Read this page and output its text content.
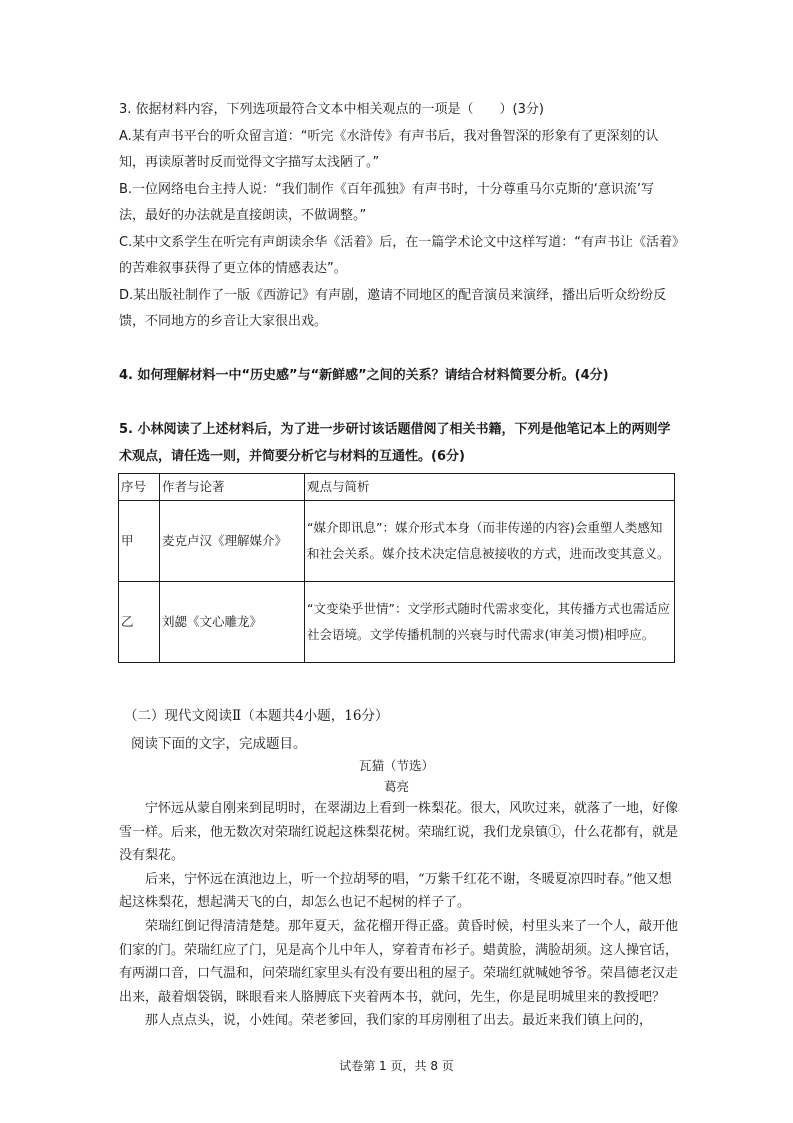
3. 依据材料内容，下列选项最符合文本中相关观点的一项是（　　）(3分)

A.某有声书平台的听众留言道：“听完《水浒传》有声书后，我对鲁智深的形象有了更深刻的认知，再读原著时反而觉得文字描写太浅陋了。”

B.一位网络电台主持人说：“我们制作《百年孤独》有声书时，十分尊重马尔克斯的‘意识流’写法，最好的办法就是直接朗读，不做调整。”

C.某中文系学生在听完有声朗读余华《活着》后，在一篇学术论文中这样写道：“有声书让《活着》的苦难叙事获得了更立体的情感表达”。

D.某出版社制作了一版《西游记》有声剧，邀请不同地区的配音演员来演绎，播出后听众纷纷反馈，不同地方的乡音让大家很出戏。

4. 如何理解材料一中“历史感”与“新鲜感”之间的关系？请结合材料简要分析。(4分)

5. 小林阅读了上述材料后，为了进一步研讨该话题借阅了相关书籍，下列是他笔记本上的两则学术观点，请任选一则，并简要分析它与材料的互通性。(6分)

序号	作者与论著	观点与简析
甲	麦克卢汉《理解媒介》	“媒介即讯息”：媒介形式本身（而非传递的内容)会重塑人类感知和社会关系。媒介技术决定信息被接收的方式，进而改变其意义。
乙	刘勰《文心雕龙》	“文变染乎世情”：文学形式随时代需求变化，其传播方式也需适应社会语境。文学传播机制的兴衰与时代需求(审美习惯)相呼应。
（二）现代文阅读Ⅱ（本题共4小题，16分）
阅读下面的文字，完成题目。
瓦猫（节选）
葛亮

宁怀远从蒙自刚来到昆明时，在翠湖边上看到一株梨花。很大，风吹过来，就落了一地，好像雪一样。后来，他无数次对荣瑞红说起这株梨花树。荣瑞红说，我们龙泉镇①，什么花都有，就是没有梨花。

后来，宁怀远在滇池边上，听一个拉胡琴的唱，“万紫千红花不谢，冬暖夏凉四时春。”他又想起这株梨花，想起满天飞的白，却怎么也记不起树的样子了。

荣瑞红倒记得清清楚楚。那年夏天，盆花榴开得正盛。黄昏时候，村里头来了一个人，敲开他们家的门。荣瑞红应了门，见是高个儿中年人，穿着青布衫子。蜡黄脸，满脸胡须。这人操官话，有两湖口音，口气温和，问荣瑞红家里头有没有要出租的屋子。荣瑞红就喊她爷爷。荣昌德老汉走出来，敲着烟袋锅，眯眼看来人胳膊底下夹着两本书，就问，先生，你是昆明城里来的教授吧？

那人点点头，说，小姓闻。荣老爹回，我们家的耳房刚租了出去。最近来我们镇上问的，

试卷第 1 页，共 8 页
